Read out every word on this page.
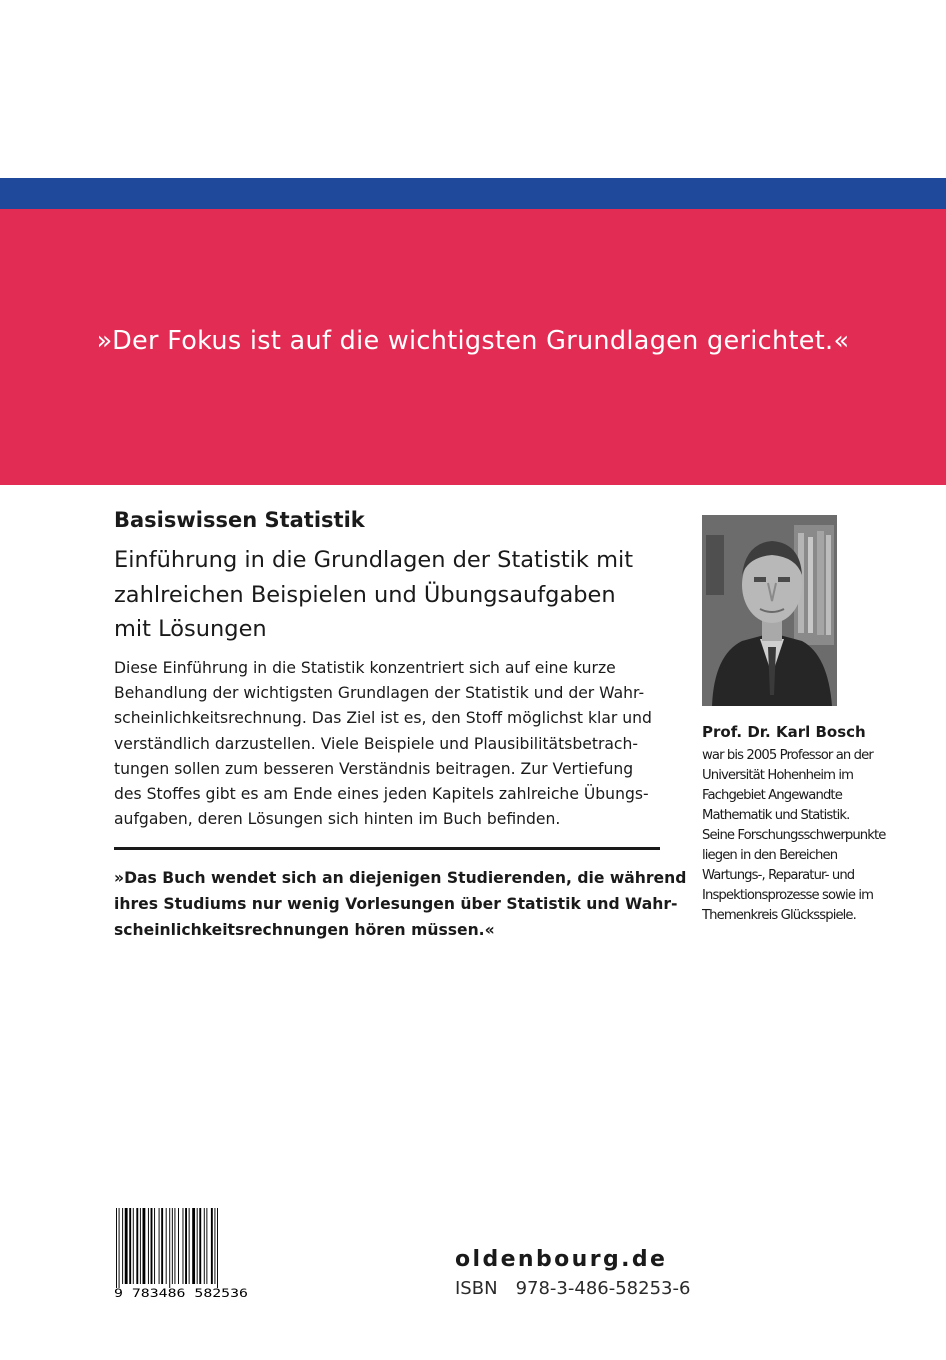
»Der Fokus ist auf die wichtigsten Grundlagen gerichtet.«
Basiswissen Statistik
Einführung in die Grundlagen der Statistik mit
zahlreichen Beispielen und Übungsaufgaben
mit Lösungen
Diese Einführung in die Statistik konzentriert sich auf eine kurze
Behandlung der wichtigsten Grundlagen der Statistik und der Wahr-
scheinlichkeitsrechnung. Das Ziel ist es, den Stoff möglichst klar und
verständlich darzustellen. Viele Beispiele und Plausibilitätsbetrach-
tungen sollen zum besseren Verständnis beitragen. Zur Vertiefung
des Stoffes gibt es am Ende eines jeden Kapitels zahlreiche Übungs-
aufgaben, deren Lösungen sich hinten im Buch befinden.
»Das Buch wendet sich an diejenigen Studierenden, die während
ihres Studiums nur wenig Vorlesungen über Statistik und Wahr-
scheinlichkeitsrechnungen hören müssen.«
Prof. Dr. Karl Bosch
war bis 2005 Professor an der
Universität Hohenheim im
Fachgebiet Angewandte
Mathematik und Statistik.
Seine Forschungsschwerpunkte
liegen in den Bereichen
Wartungs-, Reparatur- und
Inspektionsprozesse sowie im
Themenkreis Glücksspiele.
9 783486 582536
oldenbourg.de
ISBN 978-3-486-58253-6
